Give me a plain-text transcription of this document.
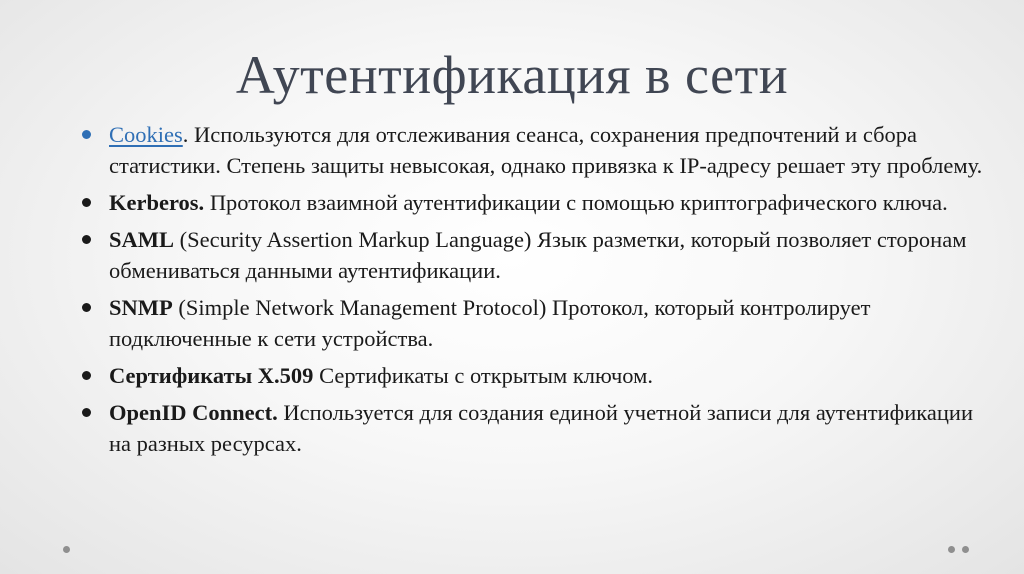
Аутентификация в сети
Cookies. Используются для отслеживания сеанса, сохранения предпочтений и сбора статистики. Степень защиты невысокая, однако привязка к IP-адресу решает эту проблему.
Kerberos. Протокол взаимной аутентификации с помощью криптографического ключа.
SAML (Security Assertion Markup Language) Язык разметки, который позволяет сторонам обмениваться данными аутентификации.
SNMP (Simple Network Management Protocol) Протокол, который контролирует подключенные к сети устройства.
Сертификаты X.509 Сертификаты с открытым ключом.
OpenID Connect. Используется для создания единой учетной записи для аутентификации на разных ресурсах.
